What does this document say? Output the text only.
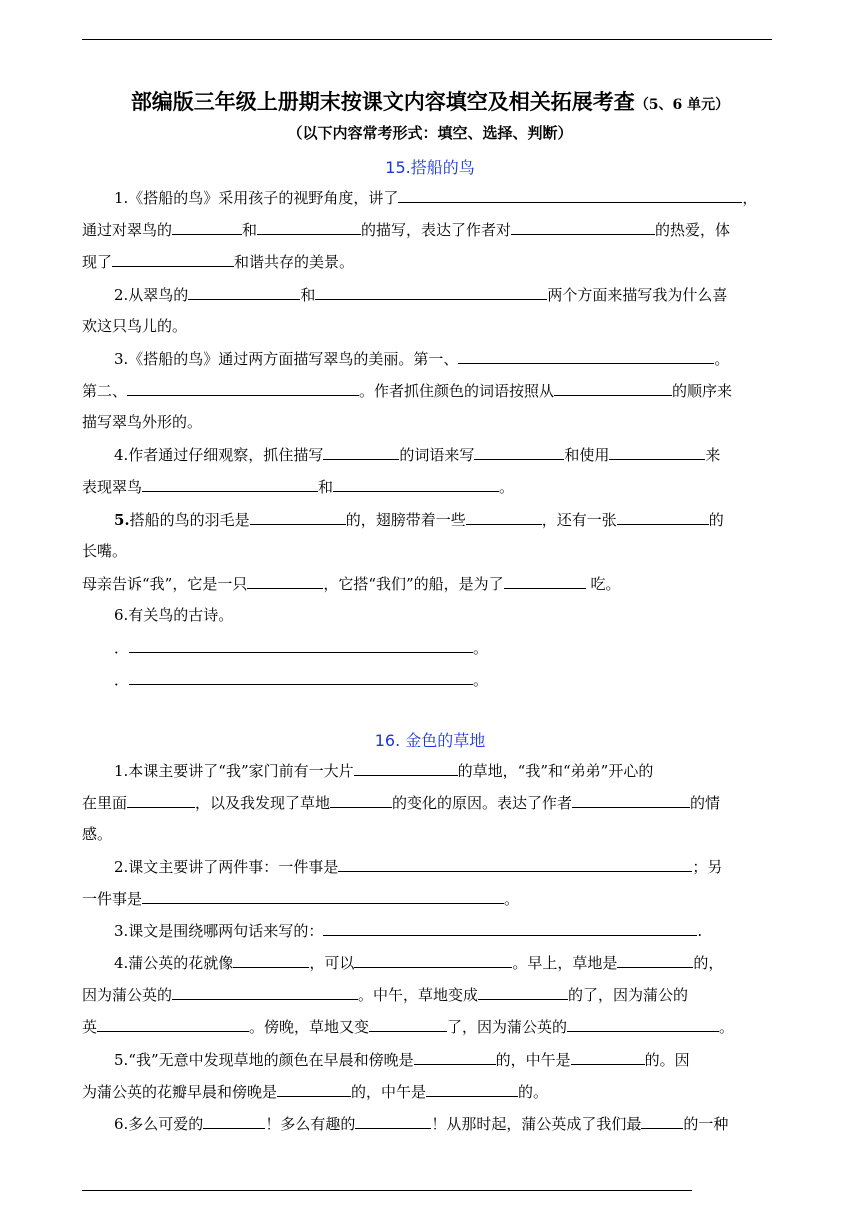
部编版三年级上册期末按课文内容填空及相关拓展考查（5、6 单元）
（以下内容常考形式：填空、选择、判断）
15.搭船的鸟
1.《搭船的鸟》采用孩子的视野角度，讲了	，
通过对翠鸟的	和	的描写，表达了作者对	的热爱，体
现了	和谐共存的美景。
2.从翠鸟的	和	两个方面来描写我为什么喜
欢这只鸟儿的。
3.《搭船的鸟》通过两方面描写翠鸟的美丽。第一、	。
第二、	。作者抓住颜色的词语按照从	的顺序来
描写翠鸟外形的。
4.作者通过仔细观察，抓住描写	的词语来写	和使用	来
表现翠鸟	和	。
5.搭船的鸟的羽毛是	的，翅膀带着一些	，还有一张	的
长嘴。
母亲告诉“我”，它是一只	，它搭“我们”的船，是为了	吃。
6.有关鸟的古诗。
．	。
．	。
16. 金色的草地
1.本课主要讲了“我”家门前有一大片	的草地，“我”和“弟弟”开心的
在里面	，以及我发现了草地	的变化的原因。表达了作者	的情
感。
2.课文主要讲了两件事：一件事是	；另
一件事是	。
3.课文是围绕哪两句话来写的：	.
4.蒲公英的花就像	，可以	。早上，草地是	的，
因为蒲公英的	。中午，草地变成	的了，因为蒲公的
英	。傍晚，草地又变	了，因为蒲公英的	。
5.“我”无意中发现草地的颜色在早晨和傍晚是	的，中午是	的。因
为蒲公英的花瓣早晨和傍晚是	的，中午是	的。
6.多么可爱的	！多么有趣的	！从那时起，蒲公英成了我们最	的一种
